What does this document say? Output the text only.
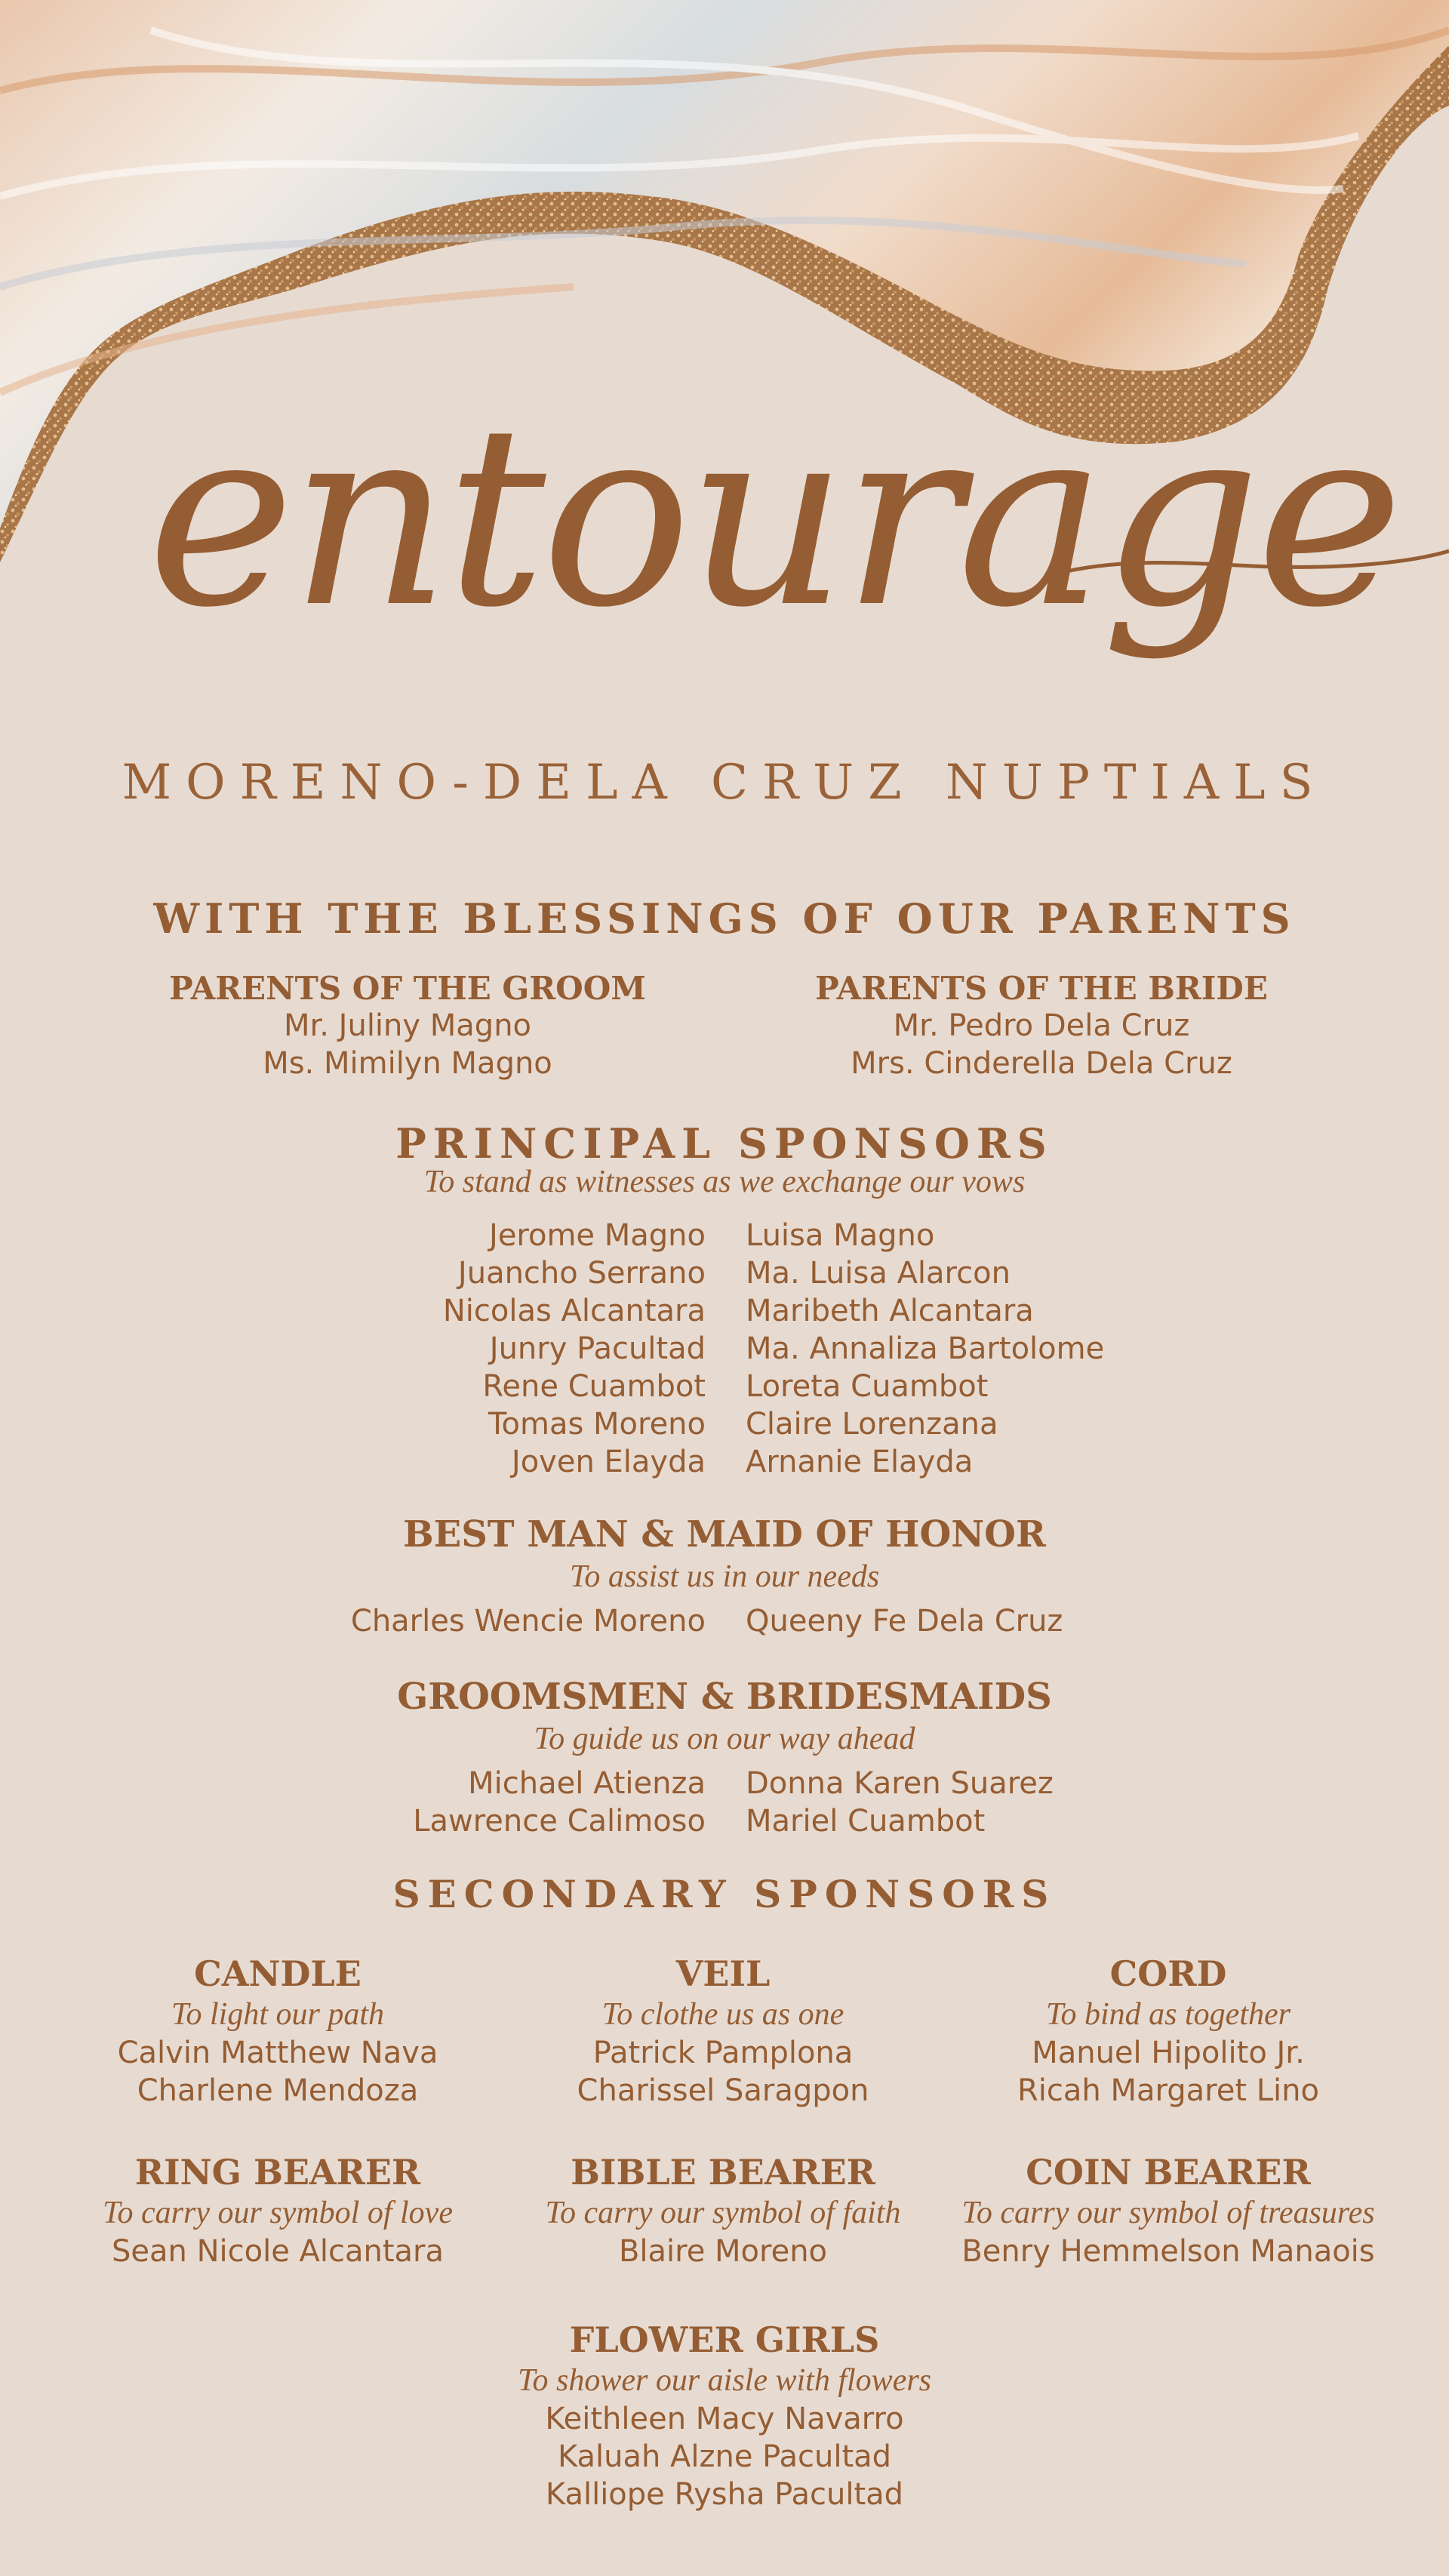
entourage
MORENO-DELA CRUZ NUPTIALS
WITH THE BLESSINGS OF OUR PARENTS
PARENTS OF THE GROOM
Mr. Juliny Magno
Ms. Mimilyn Magno
PARENTS OF THE BRIDE
Mr. Pedro Dela Cruz
Mrs. Cinderella Dela Cruz
PRINCIPAL SPONSORS
To stand as witnesses as we exchange our vows
Jerome Magno
Juancho Serrano
Nicolas Alcantara
Junry Pacultad
Rene Cuambot
Tomas Moreno
Joven Elayda
Luisa Magno
Ma. Luisa Alarcon
Maribeth Alcantara
Ma. Annaliza Bartolome
Loreta Cuambot
Claire Lorenzana
Arnanie Elayda
BEST MAN & MAID OF HONOR
To assist us in our needs
Charles Wencie Moreno Queeny Fe Dela Cruz
GROOMSMEN & BRIDESMAIDS
To guide us on our way ahead
Michael Atienza
Lawrence Calimoso
Donna Karen Suarez
Mariel Cuambot
SECONDARY SPONSORS
CANDLE
To light our path
Calvin Matthew Nava
Charlene Mendoza
VEIL
To clothe us as one
Patrick Pamplona
Charissel Saragpon
CORD
To bind as together
Manuel Hipolito Jr.
Ricah Margaret Lino
RING BEARER
To carry our symbol of love
Sean Nicole Alcantara
BIBLE BEARER
To carry our symbol of faith
Blaire Moreno
COIN BEARER
To carry our symbol of treasures
Benry Hemmelson Manaois
FLOWER GIRLS
To shower our aisle with flowers
Keithleen Macy Navarro
Kaluah Alzne Pacultad
Kalliope Rysha Pacultad
